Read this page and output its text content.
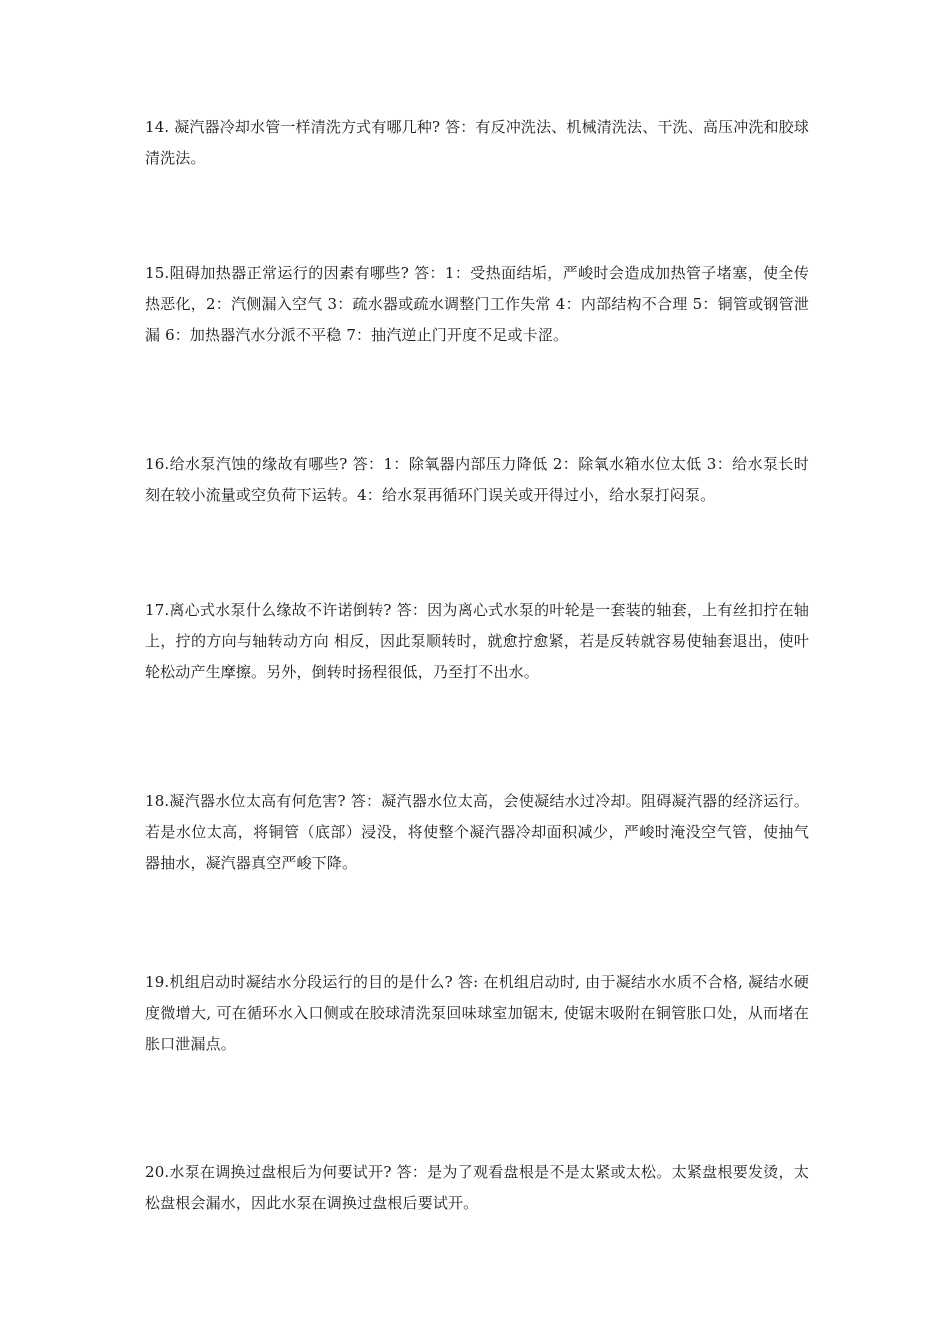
14. 凝汽器冷却水管一样清洗方式有哪几种? 答：有反冲洗法、机械清洗法、干洗、高压冲洗和胶球清洗法。

15.阻碍加热器正常运行的因素有哪些? 答：1：受热面结垢，严峻时会造成加热管子堵塞，使全传热恶化，2：汽侧漏入空气 3：疏水器或疏水调整门工作失常 4：内部结构不合理 5：铜管或钢管泄漏 6：加热器汽水分派不平稳 7：抽汽逆止门开度不足或卡涩。

16.给水泵汽蚀的缘故有哪些? 答：1：除氧器内部压力降低 2：除氧水箱水位太低 3：给水泵长时刻在较小流量或空负荷下运转。4：给水泵再循环门误关或开得过小，给水泵打闷泵。

17.离心式水泵什么缘故不许诺倒转? 答：因为离心式水泵的叶轮是一套装的轴套，上有丝扣拧在轴上，拧的方向与轴转动方向 相反，因此泵顺转时，就愈拧愈紧，若是反转就容易使轴套退出，使叶轮松动产生摩擦。另外，倒转时扬程很低，乃至打不出水。

18.凝汽器水位太高有何危害? 答：凝汽器水位太高，会使凝结水过冷却。阻碍凝汽器的经济运行。若是水位太高，将铜管（底部）浸没，将使整个凝汽器冷却面积减少，严峻时淹没空气管，使抽气器抽水，凝汽器真空严峻下降。

19.机组启动时凝结水分段运行的目的是什么? 答: 在机组启动时, 由于凝结水水质不合格, 凝结水硬度微增大, 可在循环水入口侧或在胶球清洗泵回味球室加锯末, 使锯末吸附在铜管胀口处，从而堵在胀口泄漏点。

20.水泵在调换过盘根后为何要试开? 答：是为了观看盘根是不是太紧或太松。太紧盘根要发烫，太松盘根会漏水，因此水泵在调换过盘根后要试开。
